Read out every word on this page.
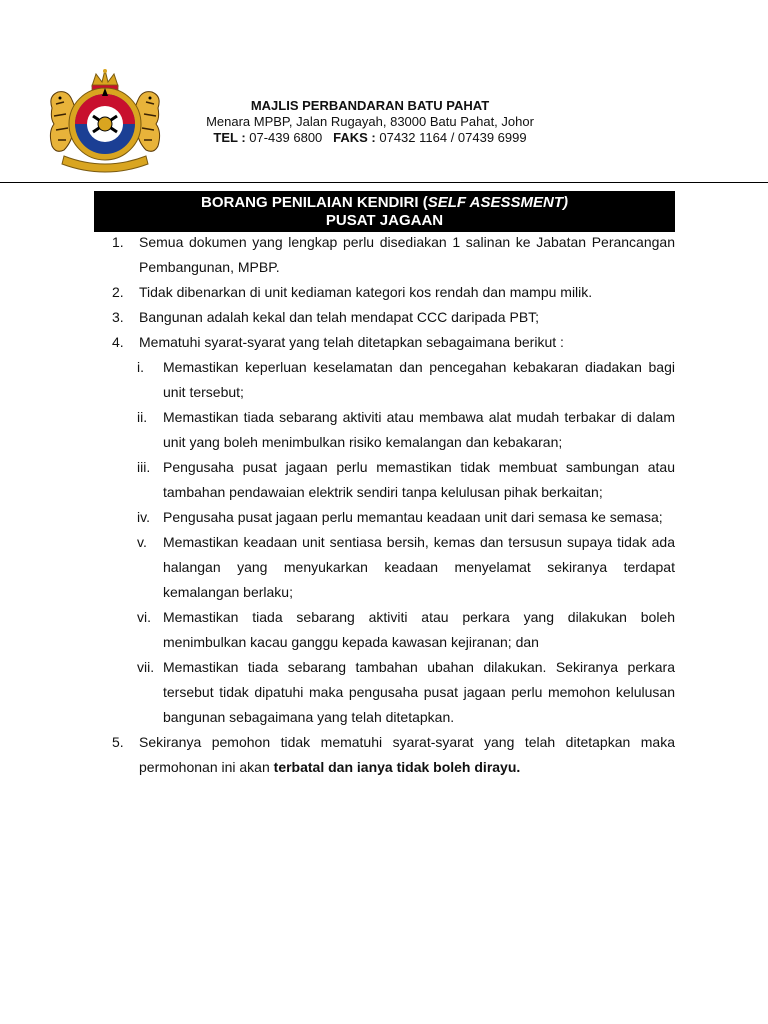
MAJLIS PERBANDARAN BATU PAHAT
Menara MPBP, Jalan Rugayah, 83000 Batu Pahat, Johor
TEL : 07-439 6800 FAKS : 07432 1164 / 07439 6999
BORANG PENILAIAN KENDIRI (SELF ASESSMENT)
PUSAT JAGAAN
1. Semua dokumen yang lengkap perlu disediakan 1 salinan ke Jabatan Perancangan Pembangunan, MPBP.
2. Tidak dibenarkan di unit kediaman kategori kos rendah dan mampu milik.
3. Bangunan adalah kekal dan telah mendapat CCC daripada PBT;
4. Mematuhi syarat-syarat yang telah ditetapkan sebagaimana berikut :
i. Memastikan keperluan keselamatan dan pencegahan kebakaran diadakan bagi unit tersebut;
ii. Memastikan tiada sebarang aktiviti atau membawa alat mudah terbakar di dalam unit yang boleh menimbulkan risiko kemalangan dan kebakaran;
iii. Pengusaha pusat jagaan perlu memastikan tidak membuat sambungan atau tambahan pendawaian elektrik sendiri tanpa kelulusan pihak berkaitan;
iv. Pengusaha pusat jagaan perlu memantau keadaan unit dari semasa ke semasa;
v. Memastikan keadaan unit sentiasa bersih, kemas dan tersusun supaya tidak ada halangan yang menyukarkan keadaan menyelamat sekiranya terdapat kemalangan berlaku;
vi. Memastikan tiada sebarang aktiviti atau perkara yang dilakukan boleh menimbulkan kacau ganggu kepada kawasan kejiranan; dan
vii. Memastikan tiada sebarang tambahan ubahan dilakukan. Sekiranya perkara tersebut tidak dipatuhi maka pengusaha pusat jagaan perlu memohon kelulusan bangunan sebagaimana yang telah ditetapkan.
5. Sekiranya pemohon tidak mematuhi syarat-syarat yang telah ditetapkan maka permohonan ini akan terbatal dan ianya tidak boleh dirayu.
